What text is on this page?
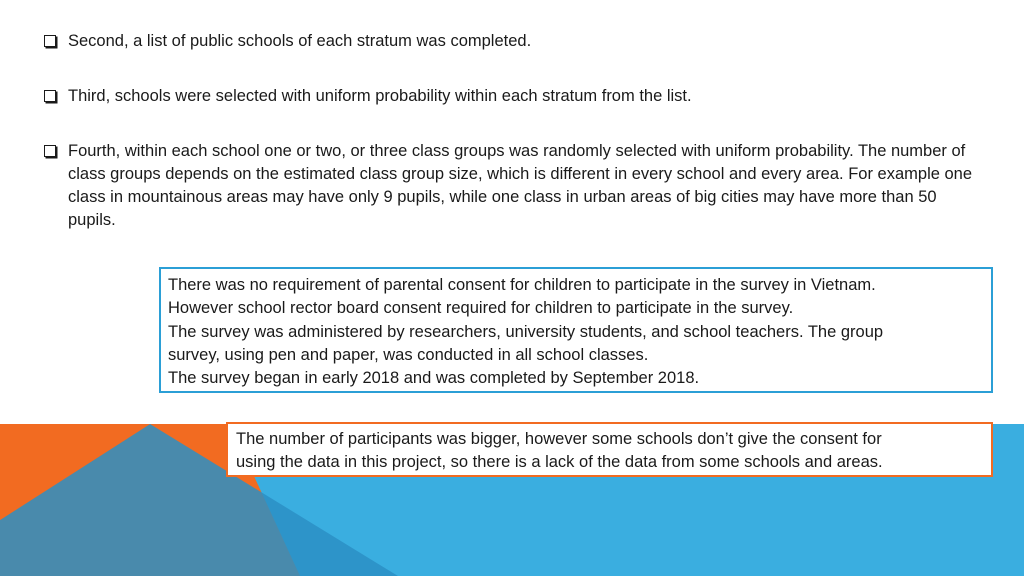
Second, a list of public schools of each stratum was completed.
Third, schools were selected with uniform probability within each stratum from the list.
Fourth, within each school one or two, or three class groups was randomly selected with uniform probability. The number of class groups depends on the estimated class group size, which is different in every school and every area. For example one class in mountainous areas may have only 9 pupils, while one class in urban areas of big cities may have more than 50 pupils.
There was no requirement of parental consent for children to participate in the survey in Vietnam.
However school rector board consent required for children to participate in the survey.
The survey was administered by researchers, university students, and school teachers. The group
survey, using pen and paper, was conducted in all school classes.
The survey began in early 2018 and was completed by September 2018.
The number of participants was bigger, however some schools don’t give the consent for
using the data in this project, so there is a lack of the data from some schools and areas.
